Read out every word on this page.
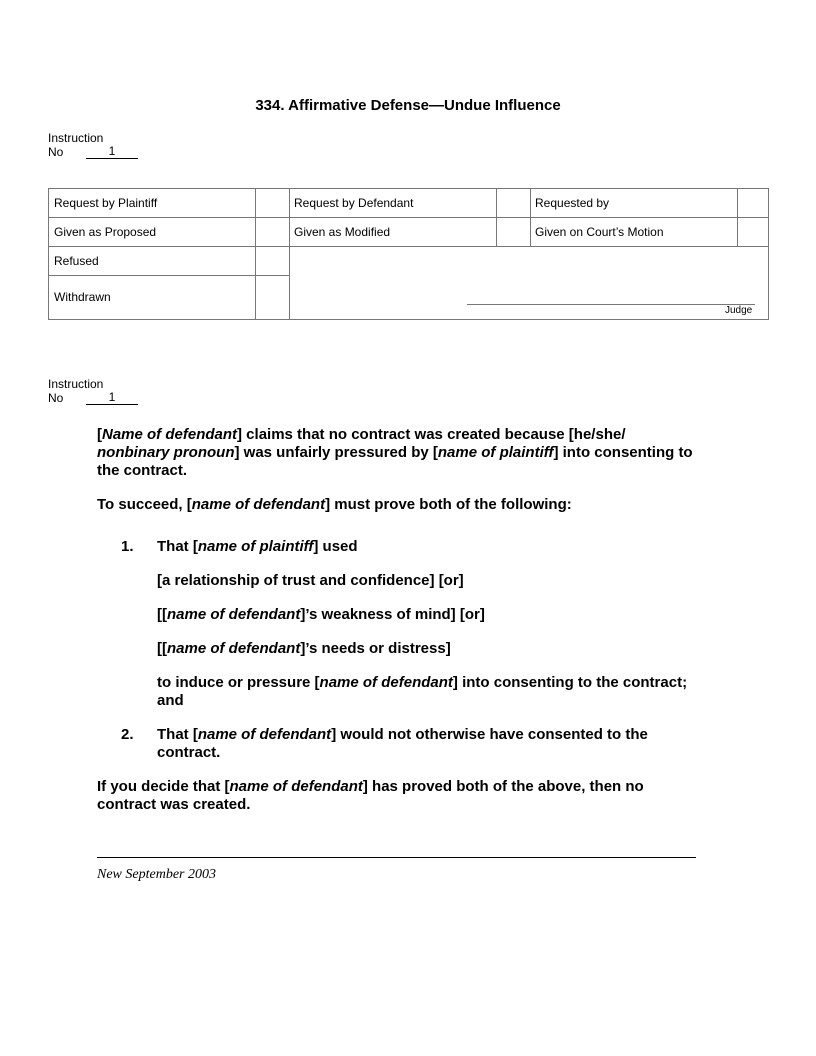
334. Affirmative Defense—Undue Influence
Instruction
No	1
Request by Plaintiff	Request by Defendant	Requested by
Given as Proposed	Given as Modified	Given on Court’s Motion
Refused
Withdrawn
Judge
Instruction
No	1

[Name of defendant] claims that no contract was created because [he/she/
nonbinary pronoun] was unfairly pressured by [name of plaintiff] into consenting to the contract.

To succeed, [name of defendant] must prove both of the following:

1. That [name of plaintiff] used

[a relationship of trust and confidence] [or]

[[name of defendant]’s weakness of mind] [or]

[[name of defendant]’s needs or distress]

to induce or pressure [name of defendant] into consenting to the contract; and

2. That [name of defendant] would not otherwise have consented to the contract.

If you decide that [name of defendant] has proved both of the above, then no contract was created.

New September 2003
